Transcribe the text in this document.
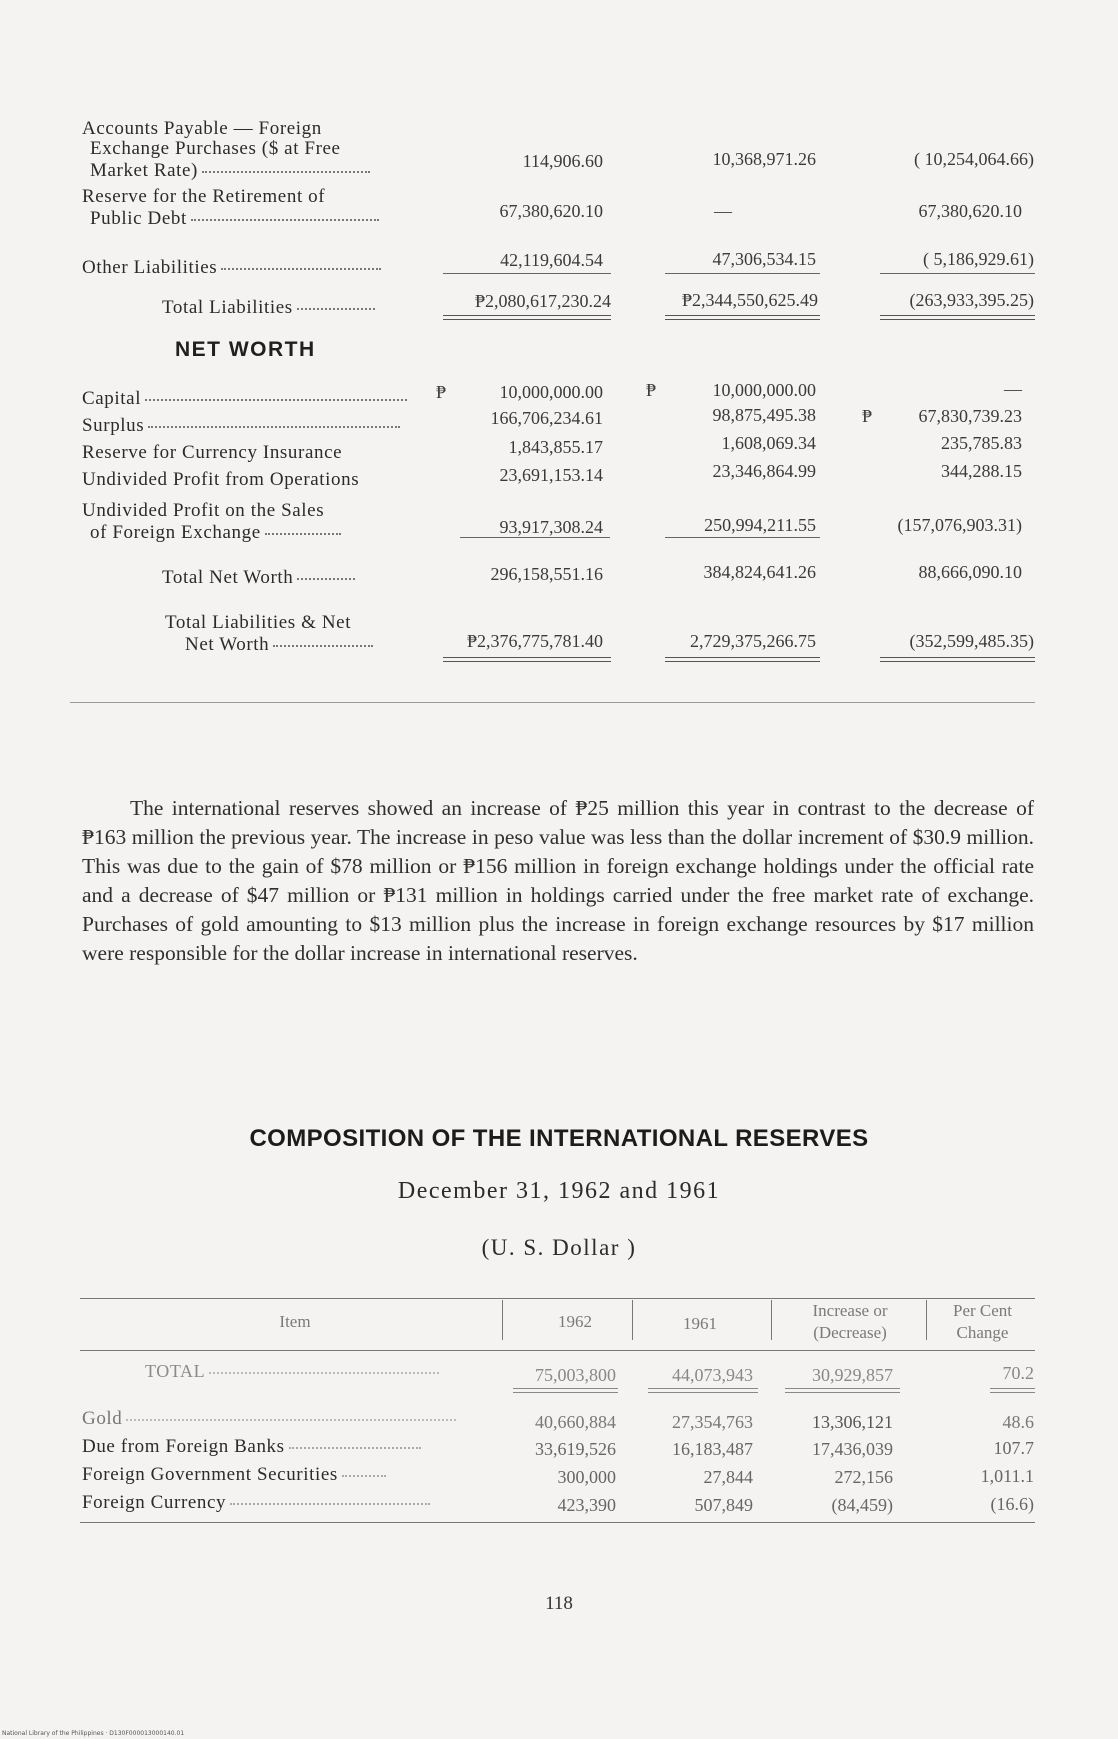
Accounts Payable — Foreign
Exchange Purchases ($ at Free
Market Rate)	114,906.60	10,368,971.26	( 10,254,064.66)
Reserve for the Retirement of
Public Debt	67,380,620.10	—	67,380,620.10
Other Liabilities	42,119,604.54	47,306,534.15	( 5,186,929.61)
Total Liabilities	₱2,080,617,230.24	₱2,344,550,625.49	(263,933,395.25)
NET WORTH
Capital	₱	10,000,000.00 ₱	10,000,000.00	—
Surplus	166,706,234.61	98,875,495.38	₱	67,830,739.23
Reserve for Currency Insurance	1,843,855.17	1,608,069.34	235,785.83
Undivided Profit from Operations	23,691,153.14	23,346,864.99	344,288.15
Undivided Profit on the Sales
of Foreign Exchange	93,917,308.24	250,994,211.55	(157,076,903.31)
Total Net Worth	296,158,551.16	384,824,641.26	88,666,090.10
Total Liabilities & Net
Net Worth	₱2,376,775,781.40	2,729,375,266.75	(352,599,485.35)
The international reserves showed an increase of ₱25 million this year in contrast to the decrease of ₱163 million the previous year. The increase in peso value was less than the dollar increment of $30.9 million. This was due to the gain of $78 million or ₱156 million in foreign exchange holdings under the official rate and a decrease of $47 million or ₱131 million in holdings carried under the free market rate of exchange. Purchases of gold amounting to $13 million plus the increase in foreign exchange resources by $17 million were responsible for the dollar increase in international reserves.
COMPOSITION OF THE INTERNATIONAL RESERVES
December 31, 1962 and 1961
(U. S. Dollar )
Item	1962	1961
Increase or
(Decrease)
Per Cent
Change
TOTAL	75,003,800	44,073,943	30,929,857	70.2
Gold	40,660,884	27,354,763	13,306,121	48.6
Due from Foreign Banks	33,619,526	16,183,487	17,436,039	107.7
Foreign Government Securities	300,000	27,844	272,156	1,011.1
Foreign Currency	423,390	507,849	(84,459)	(16.6)
118
National Library of the Philippines · D130F000013000140.01
